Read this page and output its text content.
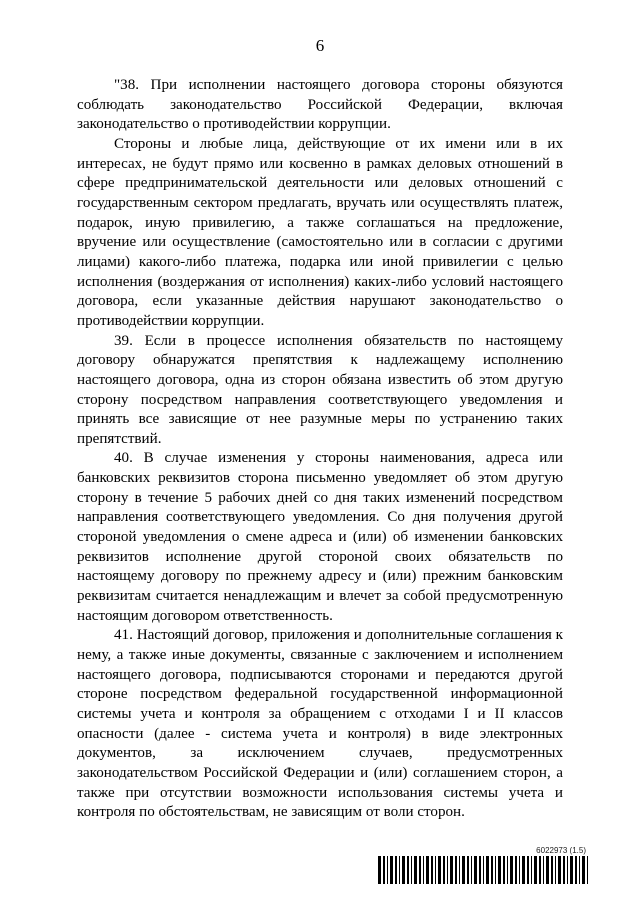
6

"38. При исполнении настоящего договора стороны обязуются соблюдать законодательство Российской Федерации, включая законодательство о противодействии коррупции.

Стороны и любые лица, действующие от их имени или в их интересах, не будут прямо или косвенно в рамках деловых отношений в сфере предпринимательской деятельности или деловых отношений с государственным сектором предлагать, вручать или осуществлять платеж, подарок, иную привилегию, а также соглашаться на предложение, вручение или осуществление (самостоятельно или в согласии с другими лицами) какого-либо платежа, подарка или иной привилегии с целью исполнения (воздержания от исполнения) каких-либо условий настоящего договора, если указанные действия нарушают законодательство о противодействии коррупции.

39. Если в процессе исполнения обязательств по настоящему договору обнаружатся препятствия к надлежащему исполнению настоящего договора, одна из сторон обязана известить об этом другую сторону посредством направления соответствующего уведомления и принять все зависящие от нее разумные меры по устранению таких препятствий.

40. В случае изменения у стороны наименования, адреса или банковских реквизитов сторона письменно уведомляет об этом другую сторону в течение 5 рабочих дней со дня таких изменений посредством направления соответствующего уведомления. Со дня получения другой стороной уведомления о смене адреса и (или) об изменении банковских реквизитов исполнение другой стороной своих обязательств по настоящему договору по прежнему адресу и (или) прежним банковским реквизитам считается ненадлежащим и влечет за собой предусмотренную настоящим договором ответственность.

41. Настоящий договор, приложения и дополнительные соглашения к нему, а также иные документы, связанные с заключением и исполнением настоящего договора, подписываются сторонами и передаются другой стороне посредством федеральной государственной информационной системы учета и контроля за обращением с отходами I и II классов опасности (далее - система учета и контроля) в виде электронных документов, за исключением случаев, предусмотренных законодательством Российской Федерации и (или) соглашением сторон, а также при отсутствии возможности использования системы учета и контроля по обстоятельствам, не зависящим от воли сторон.

6022973 (1.5)
